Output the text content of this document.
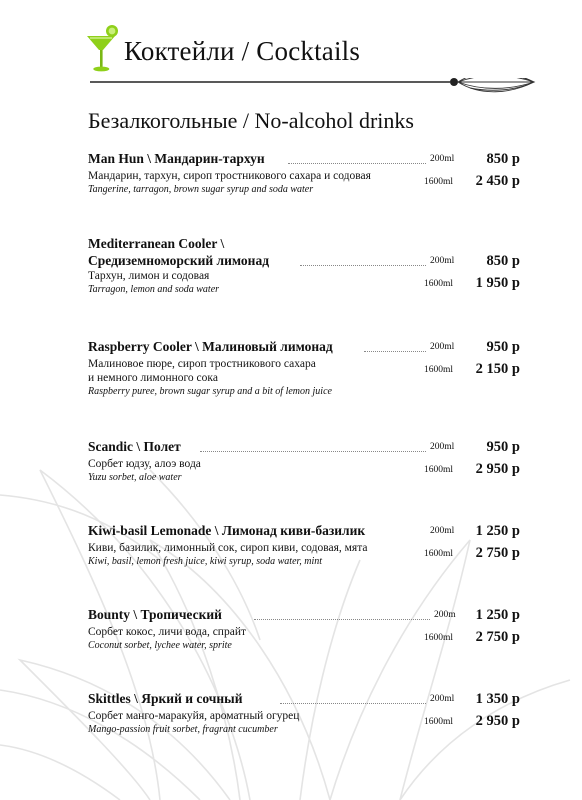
Коктейли / Cocktails
Безалкогольные / No-alcohol drinks
Man Hun \ Мандарин-тархун
Мандарин, тархун, сироп тростникового сахара и содовая
Tangerine, tarragon, brown sugar syrup and soda water
200ml 850 р
1600ml 2 450 р
Mediterranean Cooler \
Средиземноморский лимонад
Тархун, лимон и содовая
Tarragon, lemon and soda water
200ml 850 р
1600ml 1 950 р
Raspberry Cooler \ Малиновый лимонад
Малиновое пюре, сироп тростникового сахара
и немного лимонного сока
Raspberry puree, brown sugar syrup and a bit of lemon juice
200ml 950 р
1600ml 2 150 р
Scandic \ Полет
Сорбет юдзу, алоэ вода
Yuzu sorbet, aloe water
200ml 950 р
1600ml 2 950 р
Kiwi-basil Lemonade \ Лимонад киви-базилик
Киви, базилик, лимонный сок, сироп киви, содовая, мята
Kiwi, basil, lemon fresh juice, kiwi syrup, soda water, mint
200ml 1 250 р
1600ml 2 750 р
Bounty \ Тропический
Сорбет кокос, личи вода, спрайт
Coconut sorbet, lychee water, sprite
200m 1 250 р
1600ml 2 750 р
Skittles \ Яркий и сочный
Сорбет манго-маракуйя, ароматный огурец
Mango-passion fruit sorbet, fragrant cucumber
200ml 1 350 р
1600ml 2 950 р
